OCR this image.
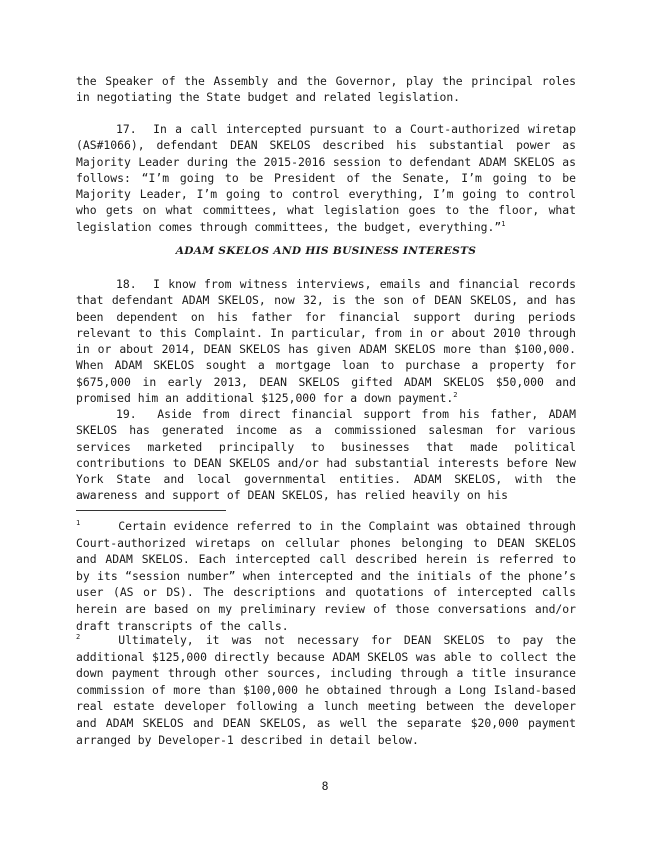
the Speaker of the Assembly and the Governor, play the principal roles in negotiating the State budget and related legislation.

17. In a call intercepted pursuant to a Court-authorized wiretap (AS#1066), defendant DEAN SKELOS described his substantial power as Majority Leader during the 2015-2016 session to defendant ADAM SKELOS as follows: “I’m going to be President of the Senate, I’m going to be Majority Leader, I’m going to control everything, I’m going to control who gets on what committees, what legislation goes to the floor, what legislation comes through committees, the budget, everything.”$^1$

ADAM SKELOS AND HIS BUSINESS INTERESTS

18. I know from witness interviews, emails and financial records that defendant ADAM SKELOS, now 32, is the son of DEAN SKELOS, and has been dependent on his father for financial support during periods relevant to this Complaint. In particular, from in or about 2010 through in or about 2014, DEAN SKELOS has given ADAM SKELOS more than $100,000. When ADAM SKELOS sought a mortgage loan to purchase a property for $675,000 in early 2013, DEAN SKELOS gifted ADAM SKELOS $50,000 and promised him an additional $125,000 for a down payment.$^2$

19. Aside from direct financial support from his father, ADAM SKELOS has generated income as a commissioned salesman for various services marketed principally to businesses that made political contributions to DEAN SKELOS and/or had substantial interests before New York State and local governmental entities. ADAM SKELOS, with the awareness and support of DEAN SKELOS, has relied heavily on his

$^1$	Certain evidence referred to in the Complaint was obtained through Court-authorized wiretaps on cellular phones belonging to DEAN SKELOS and ADAM SKELOS. Each intercepted call described herein is referred to by its “session number” when intercepted and the initials of the phone’s user (AS or DS). The descriptions and quotations of intercepted calls herein are based on my preliminary review of those conversations and/or draft transcripts of the calls.

$^2$	Ultimately, it was not necessary for DEAN SKELOS to pay the additional $125,000 directly because ADAM SKELOS was able to collect the down payment through other sources, including through a title insurance commission of more than $100,000 he obtained through a Long Island-based real estate developer following a lunch meeting between the developer and ADAM SKELOS and DEAN SKELOS, as well the separate $20,000 payment arranged by Developer-1 described in detail below.

8
